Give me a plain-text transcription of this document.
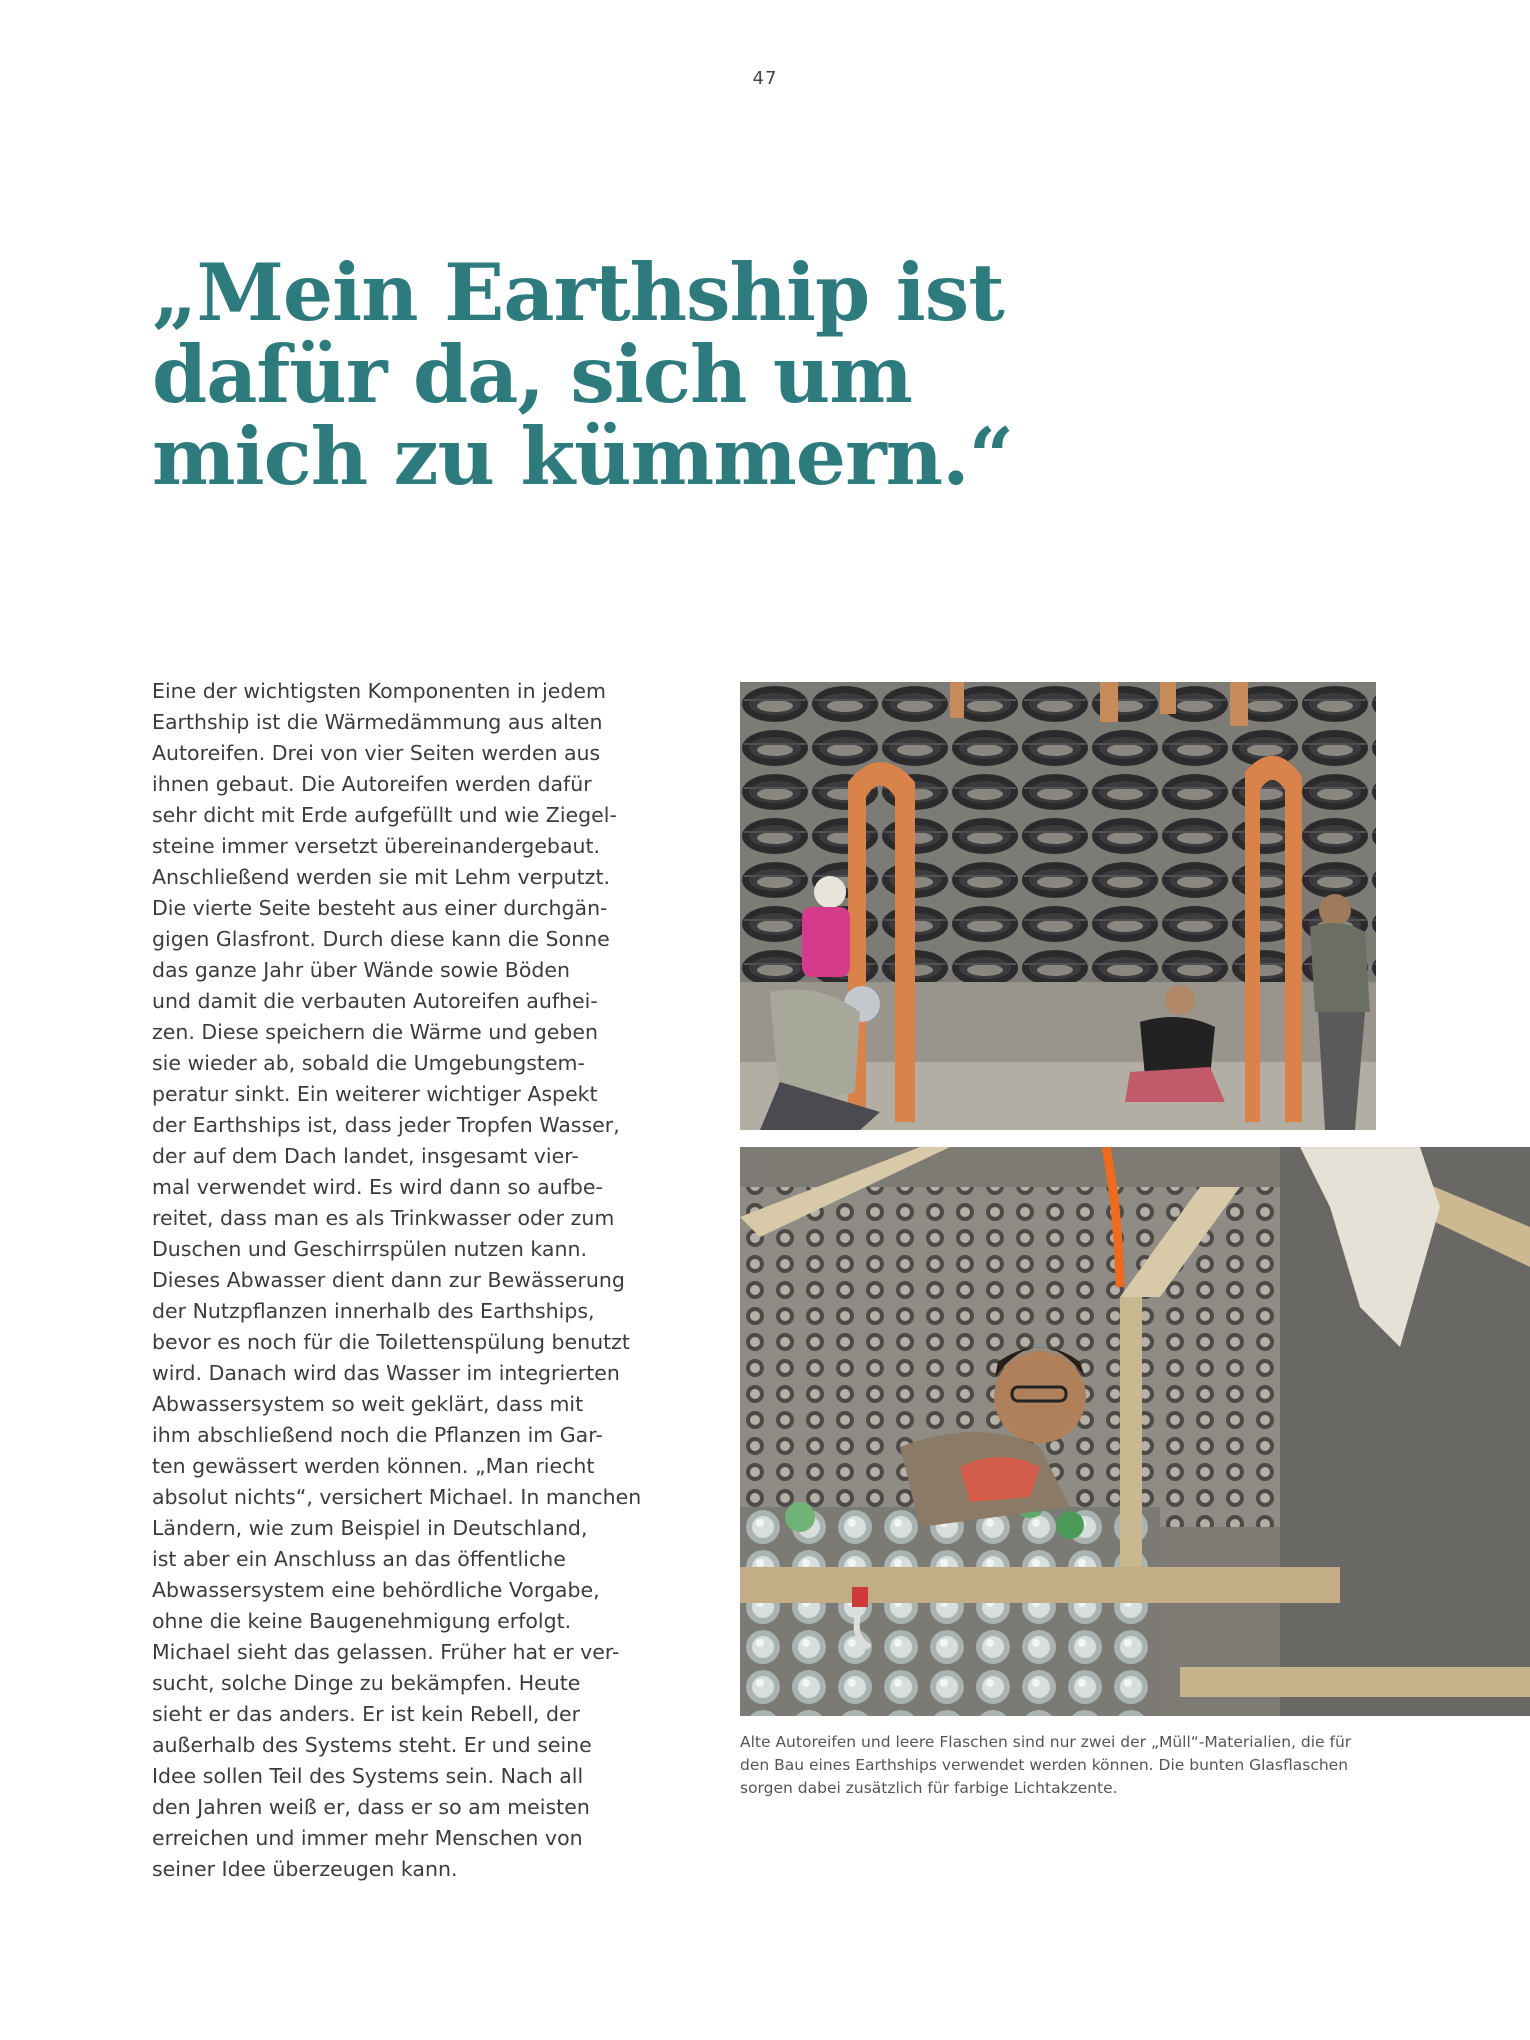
47
„Mein Earthship ist
dafür da, sich um
mich zu kümmern.“

Eine der wichtigsten Komponenten in jedem
Earthship ist die Wärmedämmung aus alten
Autoreifen. Drei von vier Seiten werden aus
ihnen gebaut. Die Autoreifen werden dafür
sehr dicht mit Erde aufgefüllt und wie Ziegel-
steine immer versetzt übereinandergebaut.
Anschließend werden sie mit Lehm verputzt.
Die vierte Seite besteht aus einer durchgän-
gigen Glasfront. Durch diese kann die Sonne
das ganze Jahr über Wände sowie Böden
und damit die verbauten Autoreifen aufhei-
zen. Diese speichern die Wärme und geben
sie wieder ab, sobald die Umgebungstem-
peratur sinkt. Ein weiterer wichtiger Aspekt
der Earthships ist, dass jeder Tropfen Wasser,
der auf dem Dach landet, insgesamt vier-
mal verwendet wird. Es wird dann so aufbe-
reitet, dass man es als Trinkwasser oder zum
Duschen und Geschirrspülen nutzen kann.
Dieses Abwasser dient dann zur Bewässerung
der Nutzpflanzen innerhalb des Earthships,
bevor es noch für die Toilettenspülung benutzt
wird. Danach wird das Wasser im integrierten
Abwassersystem so weit geklärt, dass mit
ihm abschließend noch die Pflanzen im Gar-
ten gewässert werden können. „Man riecht
absolut nichts“, versichert Michael. In manchen
Ländern, wie zum Beispiel in Deutschland,
ist aber ein Anschluss an das öffentliche
Abwassersystem eine behördliche Vorgabe,
ohne die keine Baugenehmigung erfolgt.
Michael sieht das gelassen. Früher hat er ver-
sucht, solche Dinge zu bekämpfen. Heute
sieht er das anders. Er ist kein Rebell, der
außerhalb des Systems steht. Er und seine
Idee sollen Teil des Systems sein. Nach all
den Jahren weiß er, dass er so am meisten
erreichen und immer mehr Menschen von
seiner Idee überzeugen kann.

Alte Autoreifen und leere Flaschen sind nur zwei der „Müll“-Materialien, die für
den Bau eines Earthships verwendet werden können. Die bunten Glasflaschen
sorgen dabei zusätzlich für farbige Lichtakzente.
